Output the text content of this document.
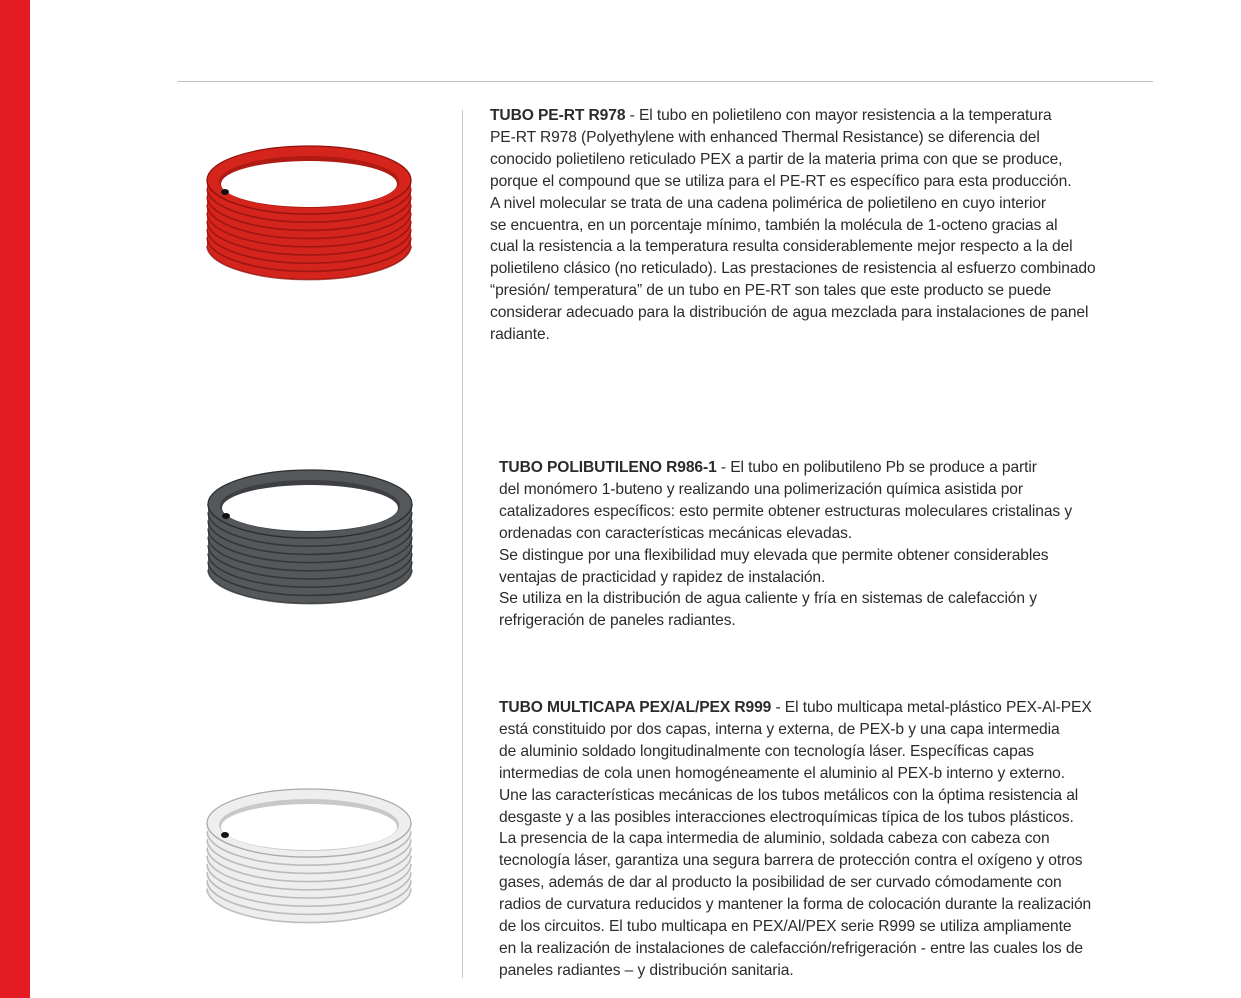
TUBO PE-RT R978 - El tubo en polietileno con mayor resistencia a la temperatura
PE-RT R978 (Polyethylene with enhanced Thermal Resistance) se diferencia del
conocido polietileno reticulado PEX a partir de la materia prima con que se produce,
porque el compound que se utiliza para el PE-RT es específico para esta producción.
A nivel molecular se trata de una cadena polimérica de polietileno en cuyo interior
se encuentra, en un porcentaje mínimo, también la molécula de 1-octeno gracias al
cual la resistencia a la temperatura resulta considerablemente mejor respecto a la del
polietileno clásico (no reticulado). Las prestaciones de resistencia al esfuerzo combinado
“presión/ temperatura” de un tubo en PE-RT son tales que este producto se puede
considerar adecuado para la distribución de agua mezclada para instalaciones de panel
radiante.
TUBO POLIBUTILENO R986-1 - El tubo en polibutileno Pb se produce a partir
del monómero 1-buteno y realizando una polimerización química asistida por
catalizadores específicos: esto permite obtener estructuras moleculares cristalinas y
ordenadas con características mecánicas elevadas.
Se distingue por una flexibilidad muy elevada que permite obtener considerables
ventajas de practicidad y rapidez de instalación.
Se utiliza en la distribución de agua caliente y fría en sistemas de calefacción y
refrigeración de paneles radiantes.
TUBO MULTICAPA PEX/AL/PEX R999 - El tubo multicapa metal-plástico PEX-Al-PEX
está constituido por dos capas, interna y externa, de PEX-b y una capa intermedia
de aluminio soldado longitudinalmente con tecnología láser. Específicas capas
intermedias de cola unen homogéneamente el aluminio al PEX-b interno y externo.
Une las características mecánicas de los tubos metálicos con la óptima resistencia al
desgaste y a las posibles interacciones electroquímicas típica de los tubos plásticos.
La presencia de la capa intermedia de aluminio, soldada cabeza con cabeza con
tecnología láser, garantiza una segura barrera de protección contra el oxígeno y otros
gases, además de dar al producto la posibilidad de ser curvado cómodamente con
radios de curvatura reducidos y mantener la forma de colocación durante la realización
de los circuitos. El tubo multicapa en PEX/Al/PEX serie R999 se utiliza ampliamente
en la realización de instalaciones de calefacción/refrigeración - entre las cuales los de
paneles radiantes – y distribución sanitaria.
